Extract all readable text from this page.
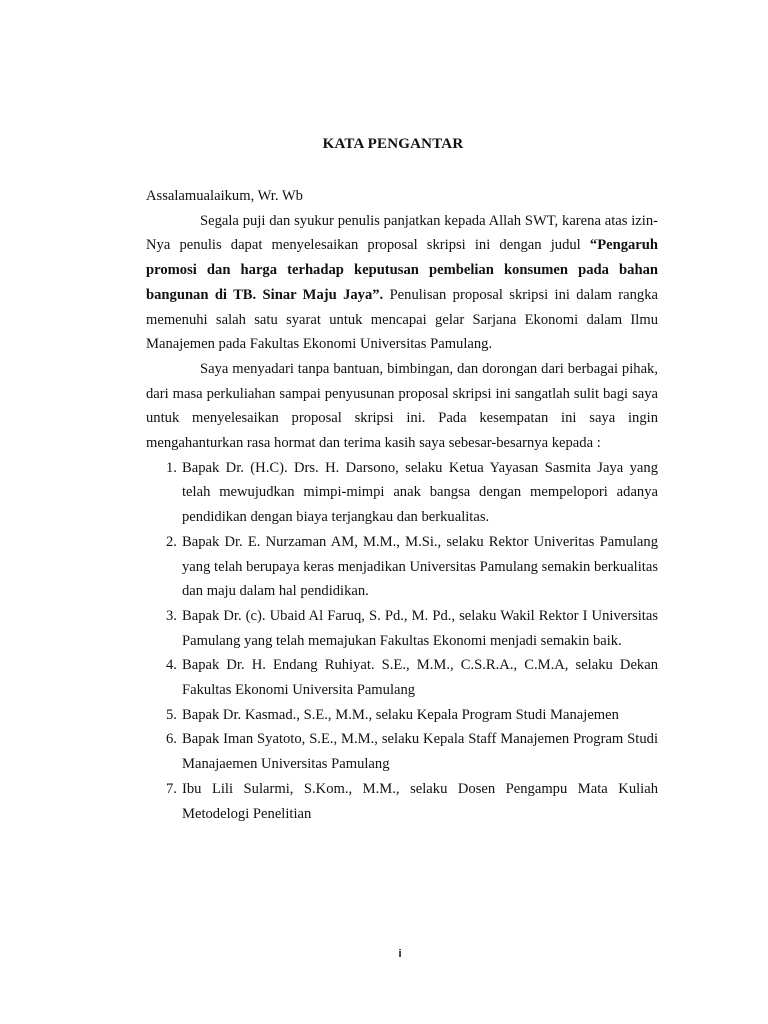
KATA PENGANTAR

Assalamualaikum, Wr. Wb

Segala puji dan syukur penulis panjatkan kepada Allah SWT, karena atas izin-Nya penulis dapat menyelesaikan proposal skripsi ini dengan judul “Pengaruh promosi dan harga terhadap keputusan pembelian konsumen pada bahan bangunan di TB. Sinar Maju Jaya”. Penulisan proposal skripsi ini dalam rangka memenuhi salah satu syarat untuk mencapai gelar Sarjana Ekonomi dalam Ilmu Manajemen pada Fakultas Ekonomi Universitas Pamulang.

Saya menyadari tanpa bantuan, bimbingan, dan dorongan dari berbagai pihak, dari masa perkuliahan sampai penyusunan proposal skripsi ini sangatlah sulit bagi saya untuk menyelesaikan proposal skripsi ini. Pada kesempatan ini saya ingin mengahanturkan rasa hormat dan terima kasih saya sebesar-besarnya kepada :

1. Bapak Dr. (H.C). Drs. H. Darsono, selaku Ketua Yayasan Sasmita Jaya yang telah mewujudkan mimpi-mimpi anak bangsa dengan mempelopori adanya pendidikan dengan biaya terjangkau dan berkualitas.
2. Bapak Dr. E. Nurzaman AM, M.M., M.Si., selaku Rektor Univeritas Pamulang yang telah berupaya keras menjadikan Universitas Pamulang semakin berkualitas dan maju dalam hal pendidikan.
3. Bapak Dr. (c). Ubaid Al Faruq, S. Pd., M. Pd., selaku Wakil Rektor I Universitas Pamulang yang telah memajukan Fakultas Ekonomi menjadi semakin baik.
4. Bapak Dr. H. Endang Ruhiyat. S.E., M.M., C.S.R.A., C.M.A, selaku Dekan Fakultas Ekonomi Universita Pamulang
5. Bapak Dr. Kasmad., S.E., M.M., selaku Kepala Program Studi Manajemen
6. Bapak Iman Syatoto, S.E., M.M., selaku Kepala Staff Manajemen Program Studi Manajaemen Universitas Pamulang
7. Ibu Lili Sularmi, S.Kom., M.M., selaku Dosen Pengampu Mata Kuliah Metodelogi Penelitian
i
